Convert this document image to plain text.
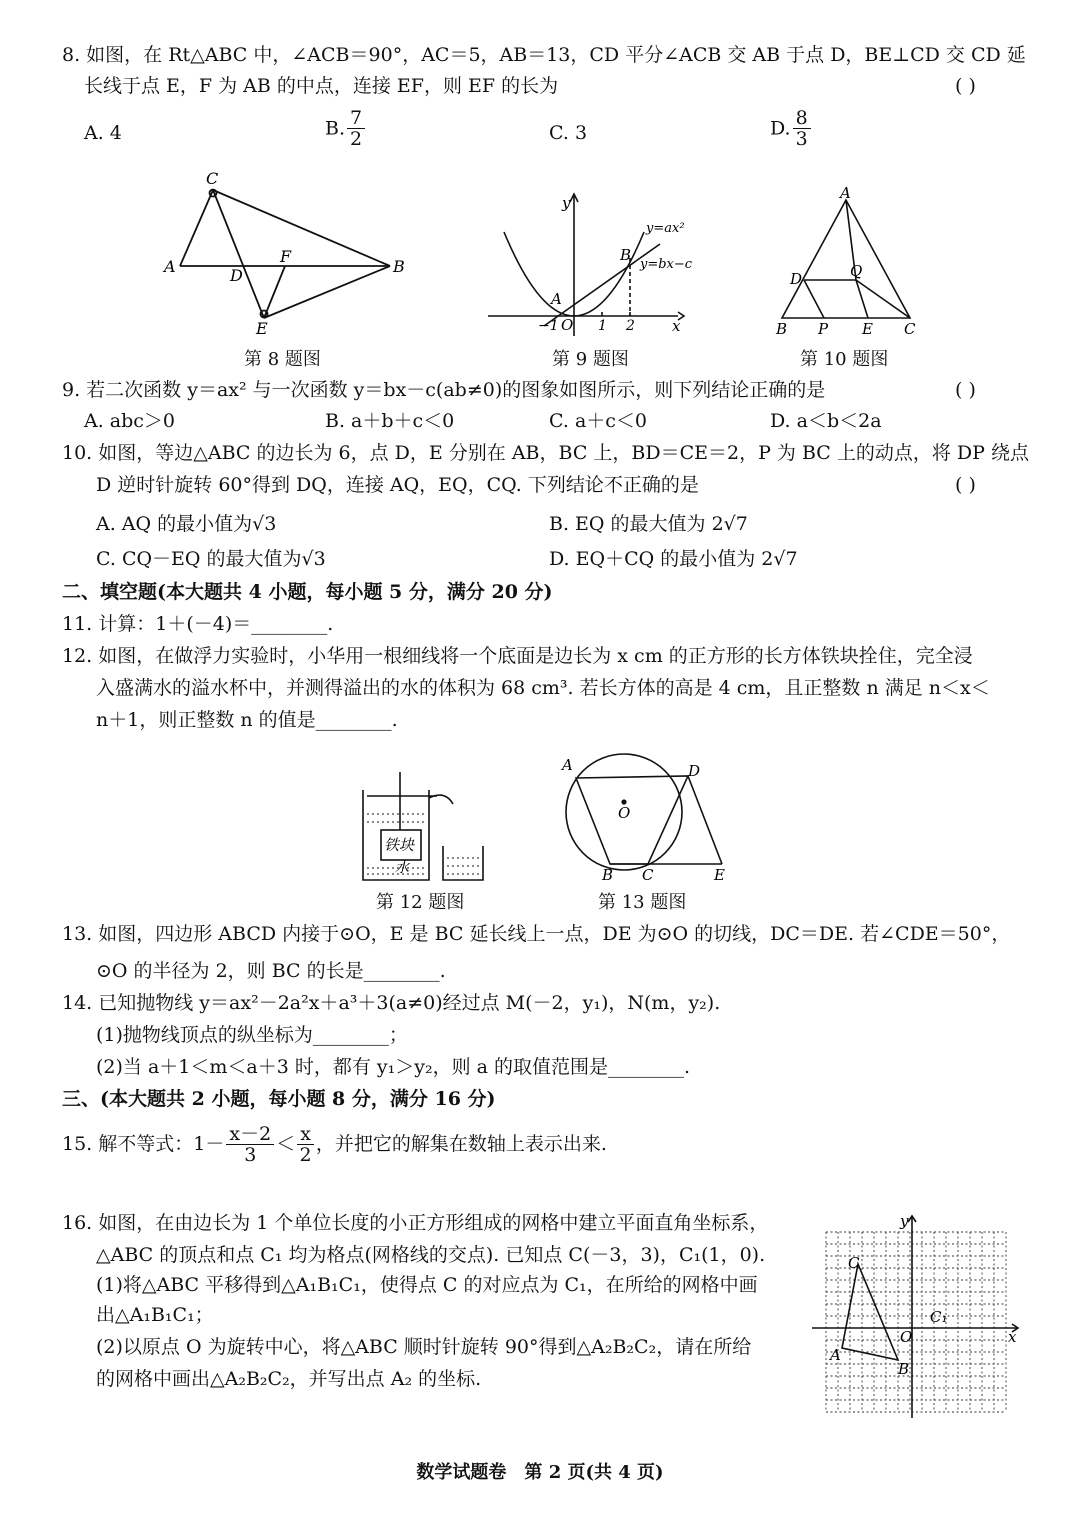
8. 如图，在 Rt△ABC 中，∠ACB＝90°，AC＝5，AB＝13，CD 平分∠ACB 交 AB 于点 D，BE⊥CD 交 CD 延
长线于点 E，F 为 AB 的中点，连接 EF，则 EF 的长为	( )
A. 4	B. $\frac{7}{2}$	C. 3	D. $\frac{8}{3}$
C
A	D
F
B
E
y
x
O
A
B
−1	1 2
y=ax²
y=bx−c
A
D	Q
B P E C
第 8 题图	第 9 题图	第 10 题图
9. 若二次函数 y＝ax² 与一次函数 y＝bx－c(ab≠0)的图象如图所示，则下列结论正确的是	( )
A. abc＞0	B. a＋b＋c＜0	C. a＋c＜0	D. a＜b＜2a
10. 如图，等边△ABC 的边长为 6，点 D，E 分别在 AB，BC 上，BD＝CE＝2，P 为 BC 上的动点，将 DP 绕点
D 逆时针旋转 60°得到 DQ，连接 AQ，EQ，CQ. 下列结论不正确的是	( )
A. AQ 的最小值为√3	B. EQ 的最大值为 2√7
C. CQ－EQ 的最大值为√3	D. EQ＋CQ 的最小值为 2√7
二、填空题(本大题共 4 小题，每小题 5 分，满分 20 分)
11. 计算：1＋(－4)＝________.
12. 如图，在做浮力实验时，小华用一根细线将一个底面是边长为 x cm 的正方形的长方体铁块拴住，完全浸
入盛满水的溢水杯中，并测得溢出的水的体积为 68 cm³. 若长方体的高是 4 cm，且正整数 n 满足 n＜x＜
n＋1，则正整数 n 的值是________.
铁块
水
A	D
O
B C	E
第 12 题图	第 13 题图
13. 如图，四边形 ABCD 内接于⊙O，E 是 BC 延长线上一点，DE 为⊙O 的切线，DC＝DE. 若∠CDE＝50°，
⊙O 的半径为 2，则 BC 的长是________.
14. 已知抛物线 y＝ax²－2a²x＋a³＋3(a≠0)经过点 M(－2，y₁)，N(m，y₂).
(1)抛物线顶点的纵坐标为________；
(2)当 a＋1＜m＜a＋3 时，都有 y₁＞y₂，则 a 的取值范围是________.
三、(本大题共 2 小题，每小题 8 分，满分 16 分)
15. 解不等式：$1- \frac{x-2}{3} < \frac{x}{2}$ ，并把它的解集在数轴上表示出来.
16. 如图，在由边长为 1 个单位长度的小正方形组成的网格中建立平面直角坐标系，
△ABC 的顶点和点 C₁ 均为格点(网格线的交点). 已知点 C(－3，3)，C₁(1，0).
(1)将△ABC 平移得到△A₁B₁C₁，使得点 C 的对应点为 C₁，在所给的网格中画
出△A₁B₁C₁；
(2)以原点 O 为旋转中心，将△ABC 顺时针旋转 90°得到△A₂B₂C₂，请在所给
的网格中画出△A₂B₂C₂，并写出点 A₂ 的坐标.
y
x
O
C
C₁
A
B
数学试题卷　第 2 页(共 4 页)
